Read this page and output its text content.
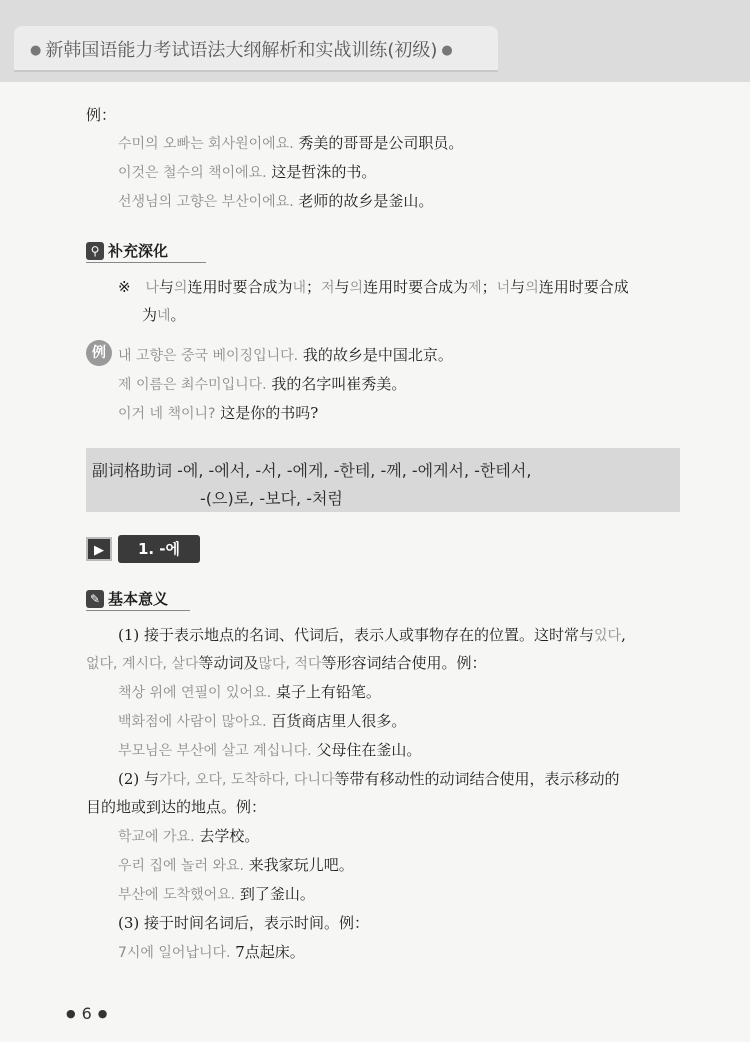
● 新韩国语能力考试语法大纲解析和实战训练(初级) ●
例：
수미의 오빠는 회사원이에요. 秀美的哥哥是公司职员。
이것은 철수의 책이에요. 这是哲洙的书。
선생님의 고향은 부산이에요. 老师的故乡是釜山。
⚲ 补充深化
※ 나与의连用时要合成为내；저与의连用时要合成为제；너与의连用时要合成
为네。
例 내 고향은 중국 베이징입니다. 我的故乡是中国北京。
제 이름은 최수미입니다. 我的名字叫崔秀美。
이거 네 책이니? 这是你的书吗?
副词格助词 -에, -에서, -서, -에게, -한테, -께, -에게서, -한테서,
-(으)로, -보다, -처럼
▶	1. -에
✎ 基本意义
(1) 接于表示地点的名词、代词后，表示人或事物存在的位置。这时常与있다,
없다, 계시다, 살다等动词及많다, 적다等形容词结合使用。例：
책상 위에 연필이 있어요. 桌子上有铅笔。
백화점에 사람이 많아요. 百货商店里人很多。
부모님은 부산에 살고 계십니다. 父母住在釜山。
(2) 与가다, 오다, 도착하다, 다니다等带有移动性的动词结合使用，表示移动的
目的地或到达的地点。例：
학교에 가요. 去学校。
우리 집에 놀러 와요. 来我家玩儿吧。
부산에 도착했어요. 到了釜山。
(3) 接于时间名词后，表示时间。例：
7시에 일어납니다. 7点起床。
● 6 ●
